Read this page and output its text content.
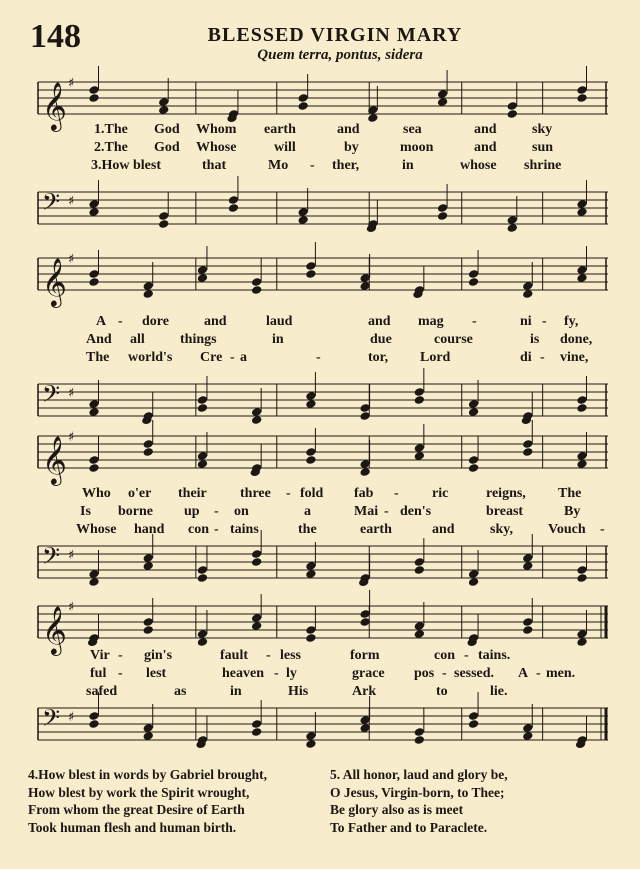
148	BLESSED VIRGIN MARY
Quem terra, pontus, sidera
𝄞 ♯
1.The God Whom earth	and	sea	and	sky
2.The God Whose	will	by	moon	and	sun
3.How blest	that	Mo - ther,	in	whose shrine
𝄢 ♯
𝄞 ♯
A - dore	and	laud	and mag -	ni - fy,
And all	things	in	due	course	is done,
The world's Cre - a	-	tor, Lord	di - vine,
𝄢 ♯
𝄞 ♯
Who o'er their three - fold fab - ric	reigns, The
Is borne up - on	a	Mai - den's	breast	By
Whose hand con - tains	the	earth	and	sky,	Vouch -
𝄢 ♯
𝄞 ♯
Vir - gin's	fault - less	form	con - tains.
ful - lest	heaven - ly	grace pos - sessed. A - men.
safed	as	in	His	Ark	to	lie.
𝄢 ♯
4.How blest in words by Gabriel brought,
How blest by work the Spirit wrought,
From whom the great Desire of Earth
Took human flesh and human birth.
5. All honor, laud and glory be,
O Jesus, Virgin-born, to Thee;
Be glory also as is meet
To Father and to Paraclete.
